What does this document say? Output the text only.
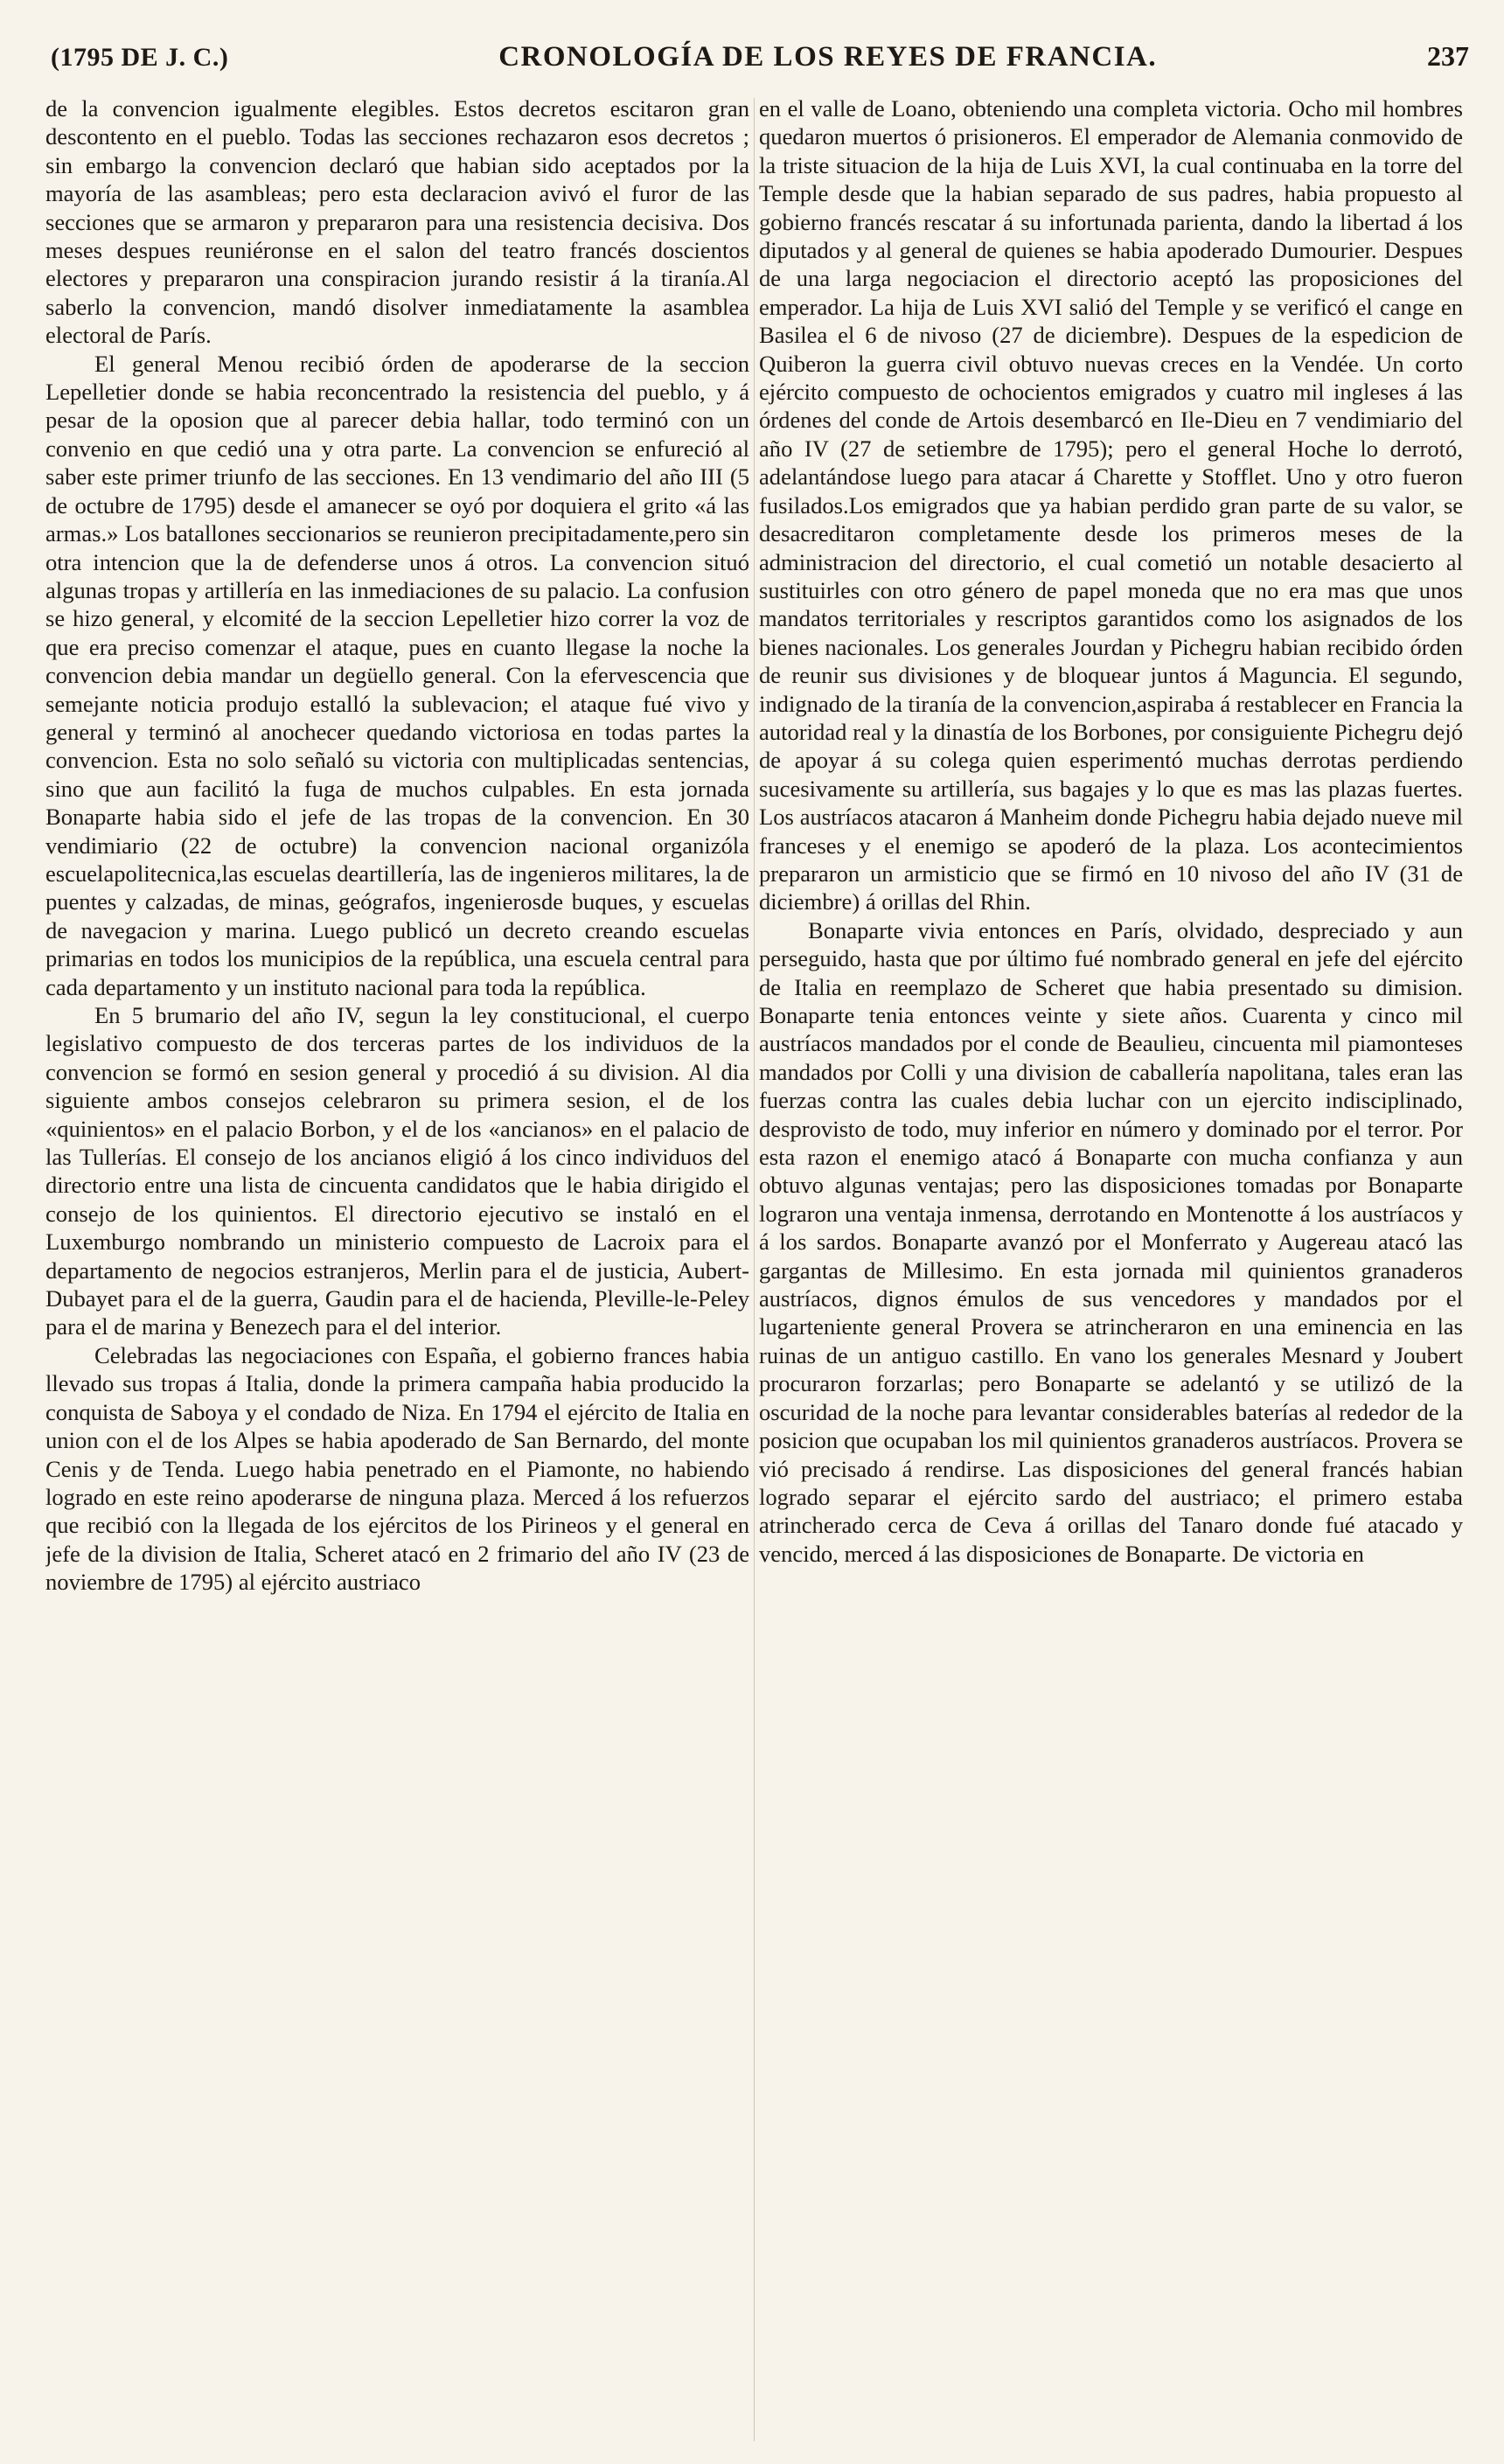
(1795 DE J. C.)	CRONOLOGÍA DE LOS REYES DE FRANCIA.	237

de la convencion igualmente elegibles. Estos decretos escitaron gran descontento en el pueblo. Todas las secciones rechazaron esos decretos ; sin embargo la convencion declaró que habian sido aceptados por la mayoría de las asambleas; pero esta declaracion avivó el furor de las secciones que se armaron y prepararon para una resistencia decisiva. Dos meses despues reuniéronse en el salon del teatro francés doscientos electores y prepararon una conspiracion jurando resistir á la tiranía.Al saberlo la convencion, mandó disolver inmediatamente la asamblea electoral de París.

El general Menou recibió órden de apoderarse de la seccion Lepelletier donde se habia reconcentrado la resistencia del pueblo, y á pesar de la oposion que al parecer debia hallar, todo terminó con un convenio en que cedió una y otra parte. La convencion se enfureció al saber este primer triunfo de las secciones. En 13 vendimario del año III (5 de octubre de 1795) desde el amanecer se oyó por doquiera el grito «á las armas.» Los batallones seccionarios se reunieron precipitadamente,pero sin otra intencion que la de defenderse unos á otros. La convencion situó algunas tropas y artillería en las inmediaciones de su palacio. La confusion se hizo general, y elcomité de la seccion Lepelletier hizo correr la voz de que era preciso comenzar el ataque, pues en cuanto llegase la noche la convencion debia mandar un degüello general. Con la efervescencia que semejante noticia produjo estalló la sublevacion; el ataque fué vivo y general y terminó al anochecer quedando victoriosa en todas partes la convencion. Esta no solo señaló su victoria con multiplicadas sentencias, sino que aun facilitó la fuga de muchos culpables. En esta jornada Bonaparte habia sido el jefe de las tropas de la convencion. En 30 vendimiario (22 de octubre) la convencion nacional organizóla escuelapolitecnica,las escuelas deartillería, las de ingenieros militares, la de puentes y calzadas, de minas, geógrafos, ingenierosde buques, y escuelas de navegacion y marina. Luego publicó un decreto creando escuelas primarias en todos los municipios de la república, una escuela central para cada departamento y un instituto nacional para toda la república.

En 5 brumario del año IV, segun la ley constitucional, el cuerpo legislativo compuesto de dos terceras partes de los individuos de la convencion se formó en sesion general y procedió á su division. Al dia siguiente ambos consejos celebraron su primera sesion, el de los «quinientos» en el palacio Borbon, y el de los «ancianos» en el palacio de las Tullerías. El consejo de los ancianos eligió á los cinco individuos del directorio entre una lista de cincuenta candidatos que le habia dirigido el consejo de los quinientos. El directorio ejecutivo se instaló en el Luxemburgo nombrando un ministerio compuesto de Lacroix para el departamento de negocios estranjeros, Merlin para el de justicia, Aubert-Dubayet para el de la guerra, Gaudin para el de hacienda, Pleville-le-Peley para el de marina y Benezech para el del interior.

Celebradas las negociaciones con España, el gobierno frances habia llevado sus tropas á Italia, donde la primera campaña habia producido la conquista de Saboya y el condado de Niza. En 1794 el ejército de Italia en union con el de los Alpes se habia apoderado de San Bernardo, del monte Cenis y de Tenda. Luego habia penetrado en el Piamonte, no habiendo logrado en este reino apoderarse de ninguna plaza. Merced á los refuerzos que recibió con la llegada de los ejércitos de los Pirineos y el general en jefe de la division de Italia, Scheret atacó en 2 frimario del año IV (23 de noviembre de 1795) al ejército austriaco

en el valle de Loano, obteniendo una completa victoria. Ocho mil hombres quedaron muertos ó prisioneros. El emperador de Alemania conmovido de la triste situacion de la hija de Luis XVI, la cual continuaba en la torre del Temple desde que la habian separado de sus padres, habia propuesto al gobierno francés rescatar á su infortunada parienta, dando la libertad á los diputados y al general de quienes se habia apoderado Dumourier. Despues de una larga negociacion el directorio aceptó las proposiciones del emperador. La hija de Luis XVI salió del Temple y se verificó el cange en Basilea el 6 de nivoso (27 de diciembre). Despues de la espedicion de Quiberon la guerra civil obtuvo nuevas creces en la Vendée. Un corto ejército compuesto de ochocientos emigrados y cuatro mil ingleses á las órdenes del conde de Artois desembarcó en Ile-Dieu en 7 vendimiario del año IV (27 de setiembre de 1795); pero el general Hoche lo derrotó, adelantándose luego para atacar á Charette y Stofflet. Uno y otro fueron fusilados.Los emigrados que ya habian perdido gran parte de su valor, se desacreditaron completamente desde los primeros meses de la administracion del directorio, el cual cometió un notable desacierto al sustituirles con otro género de papel moneda que no era mas que unos mandatos territoriales y rescriptos garantidos como los asignados de los bienes nacionales. Los generales Jourdan y Pichegru habian recibido órden de reunir sus divisiones y de bloquear juntos á Maguncia. El segundo, indignado de la tiranía de la convencion,aspiraba á restablecer en Francia la autoridad real y la dinastía de los Borbones, por consiguiente Pichegru dejó de apoyar á su colega quien esperimentó muchas derrotas perdiendo sucesivamente su artillería, sus bagajes y lo que es mas las plazas fuertes. Los austríacos atacaron á Manheim donde Pichegru habia dejado nueve mil franceses y el enemigo se apoderó de la plaza. Los acontecimientos prepararon un armisticio que se firmó en 10 nivoso del año IV (31 de diciembre) á orillas del Rhin.

Bonaparte vivia entonces en París, olvidado, despreciado y aun perseguido, hasta que por último fué nombrado general en jefe del ejército de Italia en reemplazo de Scheret que habia presentado su dimision. Bonaparte tenia entonces veinte y siete años. Cuarenta y cinco mil austríacos mandados por el conde de Beaulieu, cincuenta mil piamonteses mandados por Colli y una division de caballería napolitana, tales eran las fuerzas contra las cuales debia luchar con un ejercito indisciplinado, desprovisto de todo, muy inferior en número y dominado por el terror. Por esta razon el enemigo atacó á Bonaparte con mucha confianza y aun obtuvo algunas ventajas; pero las disposiciones tomadas por Bonaparte lograron una ventaja inmensa, derrotando en Montenotte á los austríacos y á los sardos. Bonaparte avanzó por el Monferrato y Augereau atacó las gargantas de Millesimo. En esta jornada mil quinientos granaderos austríacos, dignos émulos de sus vencedores y mandados por el lugarteniente general Provera se atrincheraron en una eminencia en las ruinas de un antiguo castillo. En vano los generales Mesnard y Joubert procuraron forzarlas; pero Bonaparte se adelantó y se utilizó de la oscuridad de la noche para levantar considerables baterías al rededor de la posicion que ocupaban los mil quinientos granaderos austríacos. Provera se vió precisado á rendirse. Las disposiciones del general francés habian logrado separar el ejército sardo del austriaco; el primero estaba atrincherado cerca de Ceva á orillas del Tanaro donde fué atacado y vencido, merced á las disposiciones de Bonaparte. De victoria en
